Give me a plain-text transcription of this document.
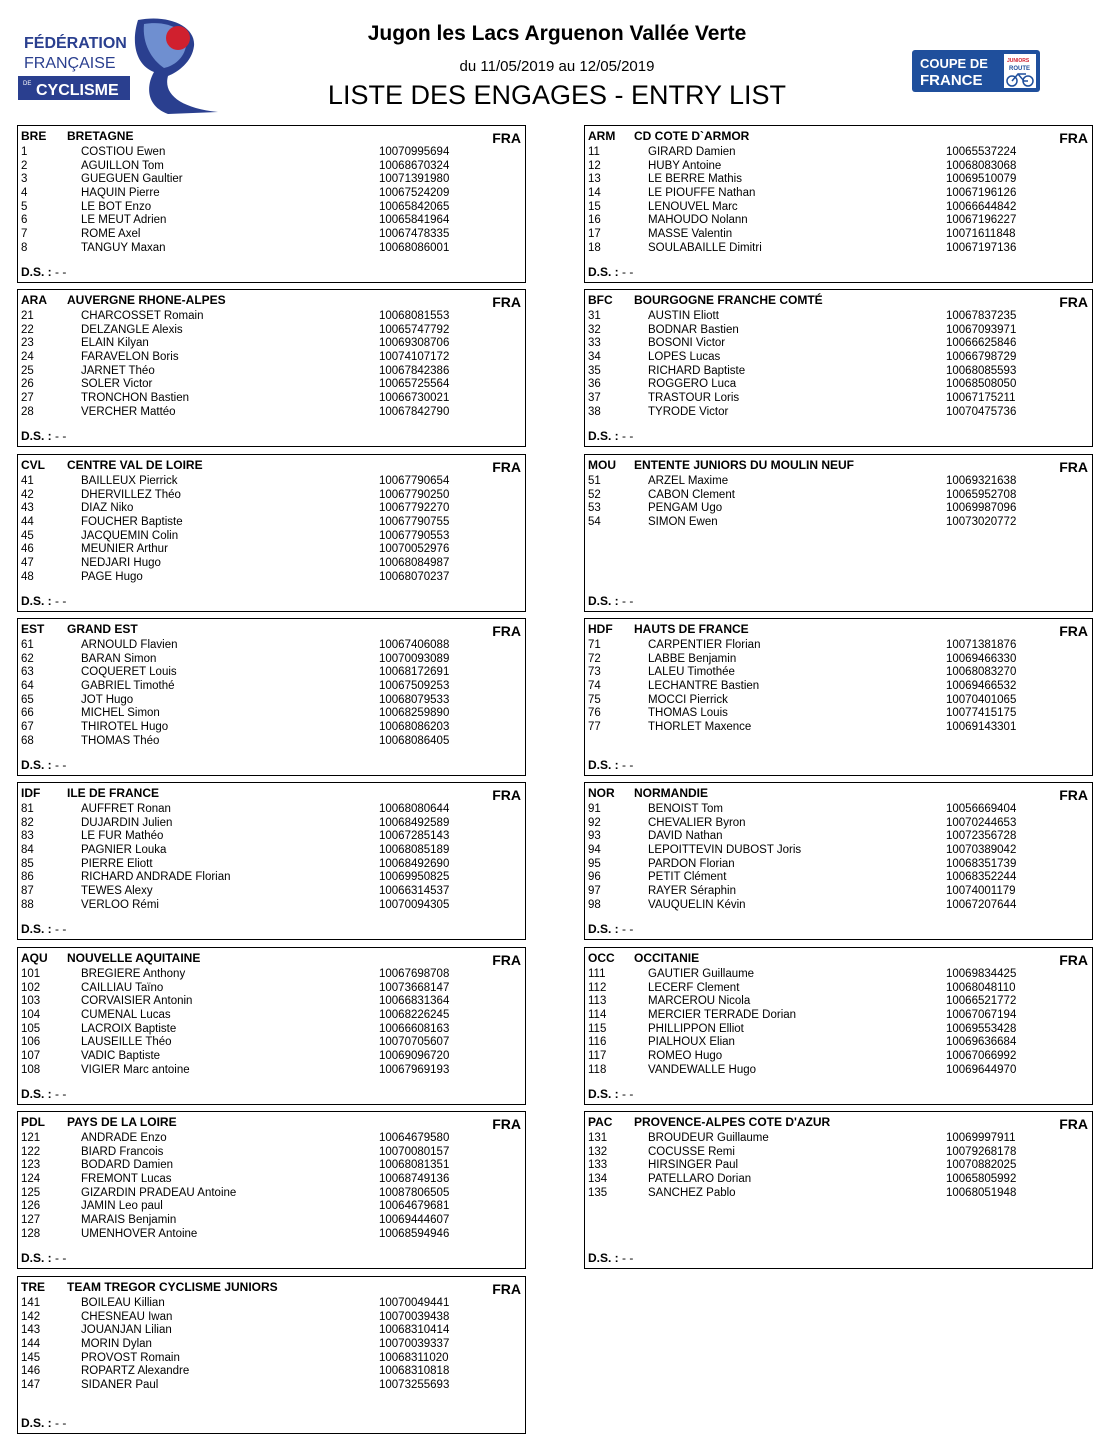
FÉDÉRATION
FRANÇAISE
DE CYCLISME
Jugon les Lacs Arguenon Vallée Verte
du 11/05/2019 au 12/05/2019
LISTE DES ENGAGES - ENTRY LIST
COUPE DE
FRANCE
JUNIORS
ROUTE
BRE BRETAGNE	FRA
1	COSTIOU Ewen	10070995694
2	AGUILLON Tom	10068670324
3	GUEGUEN Gaultier	10071391980
4	HAQUIN Pierre	10067524209
5	LE BOT Enzo	10065842065
6	LE MEUT Adrien	10065841964
7	ROME Axel	10067478335
8	TANGUY Maxan	10068086001
D.S. : - -
ARM CD COTE D`ARMOR	FRA
11	GIRARD Damien	10065537224
12	HUBY Antoine	10068083068
13	LE BERRE Mathis	10069510079
14	LE PIOUFFE Nathan	10067196126
15	LENOUVEL Marc	10066644842
16	MAHOUDO Nolann	10067196227
17	MASSE Valentin	10071611848
18	SOULABAILLE Dimitri	10067197136
D.S. : - -
ARA AUVERGNE RHONE-ALPES	FRA
21	CHARCOSSET Romain	10068081553
22	DELZANGLE Alexis	10065747792
23	ELAIN Kilyan	10069308706
24	FARAVELON Boris	10074107172
25	JARNET Théo	10067842386
26	SOLER Victor	10065725564
27	TRONCHON Bastien	10066730021
28	VERCHER Mattéo	10067842790
D.S. : - -
BFC BOURGOGNE FRANCHE COMTÉ	FRA
31	AUSTIN Eliott	10067837235
32	BODNAR Bastien	10067093971
33	BOSONI Victor	10066625846
34	LOPES Lucas	10066798729
35	RICHARD Baptiste	10068085593
36	ROGGERO Luca	10068508050
37	TRASTOUR Loris	10067175211
38	TYRODE Victor	10070475736
D.S. : - -
CVL CENTRE VAL DE LOIRE	FRA
41	BAILLEUX Pierrick	10067790654
42	DHERVILLEZ Théo	10067790250
43	DIAZ Niko	10067792270
44	FOUCHER Baptiste	10067790755
45	JACQUEMIN Colin	10067790553
46	MEUNIER Arthur	10070052976
47	NEDJARI Hugo	10068084987
48	PAGE Hugo	10068070237
D.S. : - -
MOU ENTENTE JUNIORS DU MOULIN NEUF	FRA
51	ARZEL Maxime	10069321638
52	CABON Clement	10065952708
53	PENGAM Ugo	10069987096
54	SIMON Ewen	10073020772
D.S. : - -
EST GRAND EST	FRA
61	ARNOULD Flavien	10067406088
62	BARAN Simon	10070093089
63	COQUERET Louis	10068172691
64	GABRIEL Timothé	10067509253
65	JOT Hugo	10068079533
66	MICHEL Simon	10068259890
67	THIROTEL Hugo	10068086203
68	THOMAS Théo	10068086405
D.S. : - -
HDF HAUTS DE FRANCE	FRA
71	CARPENTIER Florian	10071381876
72	LABBE Benjamin	10069466330
73	LALEU Timothée	10068083270
74	LECHANTRE Bastien	10069466532
75	MOCCI Pierrick	10070401065
76	THOMAS Louis	10077415175
77	THORLET Maxence	10069143301
D.S. : - -
IDF ILE DE FRANCE	FRA
81	AUFFRET Ronan	10068080644
82	DUJARDIN Julien	10068492589
83	LE FUR Mathéo	10067285143
84	PAGNIER Louka	10068085189
85	PIERRE Eliott	10068492690
86	RICHARD ANDRADE Florian	10069950825
87	TEWES Alexy	10066314537
88	VERLOO Rémi	10070094305
D.S. : - -
NOR NORMANDIE	FRA
91	BENOIST Tom	10056669404
92	CHEVALIER Byron	10070244653
93	DAVID Nathan	10072356728
94	LEPOITTEVIN DUBOST Joris	10070389042
95	PARDON Florian	10068351739
96	PETIT Clément	10068352244
97	RAYER Séraphin	10074001179
98	VAUQUELIN Kévin	10067207644
D.S. : - -
AQU NOUVELLE AQUITAINE	FRA
101	BREGIERE Anthony	10067698708
102	CAILLIAU Taïno	10073668147
103	CORVAISIER Antonin	10066831364
104	CUMENAL Lucas	10068226245
105	LACROIX Baptiste	10066608163
106	LAUSEILLE Théo	10070705607
107	VADIC Baptiste	10069096720
108	VIGIER Marc antoine	10067969193
D.S. : - -
OCC OCCITANIE	FRA
111	GAUTIER Guillaume	10069834425
112	LECERF Clement	10068048110
113	MARCEROU Nicola	10066521772
114	MERCIER TERRADE Dorian	10067067194
115	PHILLIPPON Elliot	10069553428
116	PIALHOUX Elian	10069636684
117	ROMEO Hugo	10067066992
118	VANDEWALLE Hugo	10069644970
D.S. : - -
PDL PAYS DE LA LOIRE	FRA
121	ANDRADE Enzo	10064679580
122	BIARD Francois	10070080157
123	BODARD Damien	10068081351
124	FREMONT Lucas	10068749136
125	GIZARDIN PRADEAU Antoine	10087806505
126	JAMIN Leo paul	10064679681
127	MARAIS Benjamin	10069444607
128	UMENHOVER Antoine	10068594946
D.S. : - -
PAC PROVENCE-ALPES COTE D'AZUR	FRA
131	BROUDEUR Guillaume	10069997911
132	COCUSSE Remi	10079268178
133	HIRSINGER Paul	10070882025
134	PATELLARO Dorian	10065805992
135	SANCHEZ Pablo	10068051948
D.S. : - -
TRE TEAM TREGOR CYCLISME JUNIORS	FRA
141	BOILEAU Killian	10070049441
142	CHESNEAU Iwan	10070039438
143	JOUANJAN Lilian	10068310414
144	MORIN Dylan	10070039337
145	PROVOST Romain	10068311020
146	ROPARTZ Alexandre	10068310818
147	SIDANER Paul	10073255693
D.S. : - -
